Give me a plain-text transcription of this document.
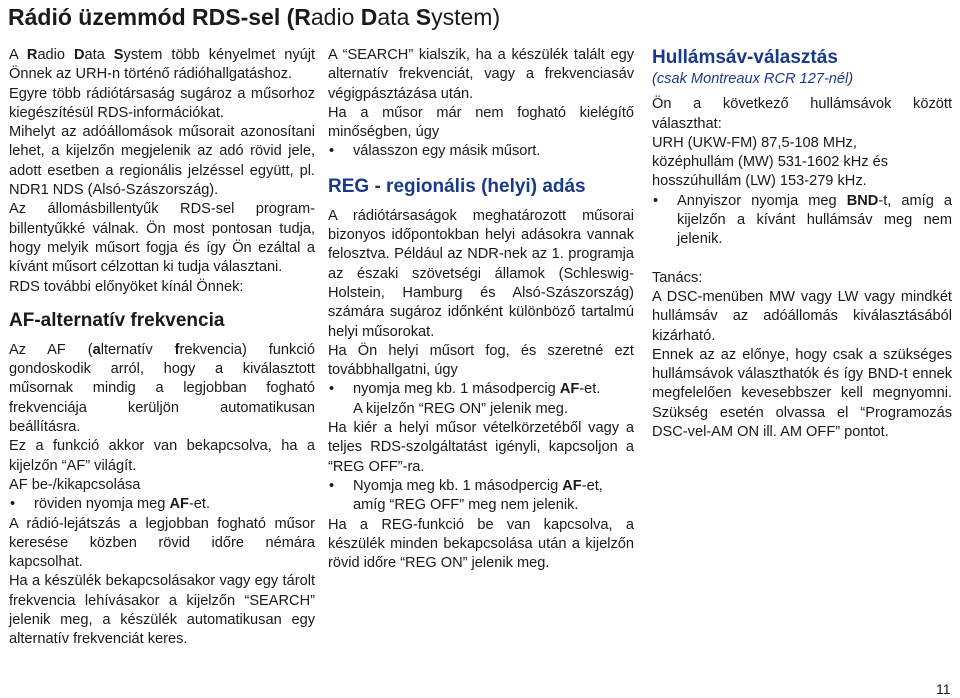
Rádió üzemmód RDS-sel (Radio Data System)

A Radio Data System több kényelmet nyújt Önnek az URH-n történő rádióhallgatáshoz.

Egyre több rádiótársaság sugároz a műsorhoz kiegészítésül RDS-információkat.

Mihelyt az adóállomások műsorait azonosítani lehet, a kijelzőn megjelenik az adó rövid jele, adott esetben a regionális jelzéssel együtt, pl. NDR1 NDS (Alsó-Szászország).

Az állomásbillentyűk RDS-sel program-billentyűkké válnak. Ön most pontosan tudja, hogy melyik műsort fogja és így Ön ezáltal a kívánt műsort célzottan ki tudja választani.

RDS további előnyöket kínál Önnek:

AF-alternatív frekvencia

Az AF (alternatív frekvencia) funkció gondoskodik arról, hogy a kiválasztott műsornak mindig a legjobban fogható frekvenciája kerüljön automatikusan beállításra.

Ez a funkció akkor van bekapcsolva, ha a kijelzőn “AF” világít.

AF be-/kikapcsolása

• röviden nyomja meg AF-et.

A rádió-lejátszás a legjobban fogható műsor keresése közben rövid időre némára kapcsolhat.

Ha a készülék bekapcsolásakor vagy egy tárolt frekvencia lehívásakor a kijelzőn “SEARCH” jelenik meg, a készülék automatikusan egy alternatív frekvenciát keres.

A “SEARCH” kialszik, ha a készülék talált egy alternatív frekvenciát, vagy a frekvenciasáv végigpásztázása után.

Ha a műsor már nem fogható kielégítő minőségben, úgy

• válasszon egy másik műsort.

REG - regionális (helyi) adás

A rádiótársaságok meghatározott műsorai bizonyos időpontokban helyi adásokra vannak felosztva. Például az NDR-nek az 1. programja az északi szövetségi államok (Schleswig-Holstein, Hamburg és Alsó-Szászország) számára sugároz időnként különböző tartalmú helyi műsorokat.

Ha Ön helyi műsort fog, és szeretné ezt továbbhallgatni, úgy

• nyomja meg kb. 1 másodpercig AF-et.

A kijelzőn “REG ON” jelenik meg.

Ha kiér a helyi műsor vételkörzetéből vagy a teljes RDS-szolgáltatást igényli, kapcsoljon a “REG OFF”-ra.

• Nyomja meg kb. 1 másodpercig AF-et,

amíg “REG OFF” meg nem jelenik.

Ha a REG-funkció be van kapcsolva, a készülék minden bekapcsolása után a kijelzőn rövid időre “REG ON” jelenik meg.

Hullámsáv-választás

(csak Montreaux RCR 127-nél)

Ön a következő hullámsávok között választhat:

URH (UKW-FM) 87,5-108 MHz,

középhullám (MW) 531-1602 kHz és

hosszúhullám (LW) 153-279 kHz.

• Annyiszor nyomja meg BND-t, amíg a kijelzőn a kívánt hullámsáv meg nem jelenik.

Tanács:

A DSC-menüben MW vagy LW vagy mindkét hullámsáv az adóállomás kiválasztásából kizárható.

Ennek az az előnye, hogy csak a szükséges hullámsávok választhatók és így BND-t ennek megfelelően kevesebbszer kell megnyomni. Szükség esetén olvassa el “Programozás DSC-vel-AM ON ill. AM OFF” pontot.

11
